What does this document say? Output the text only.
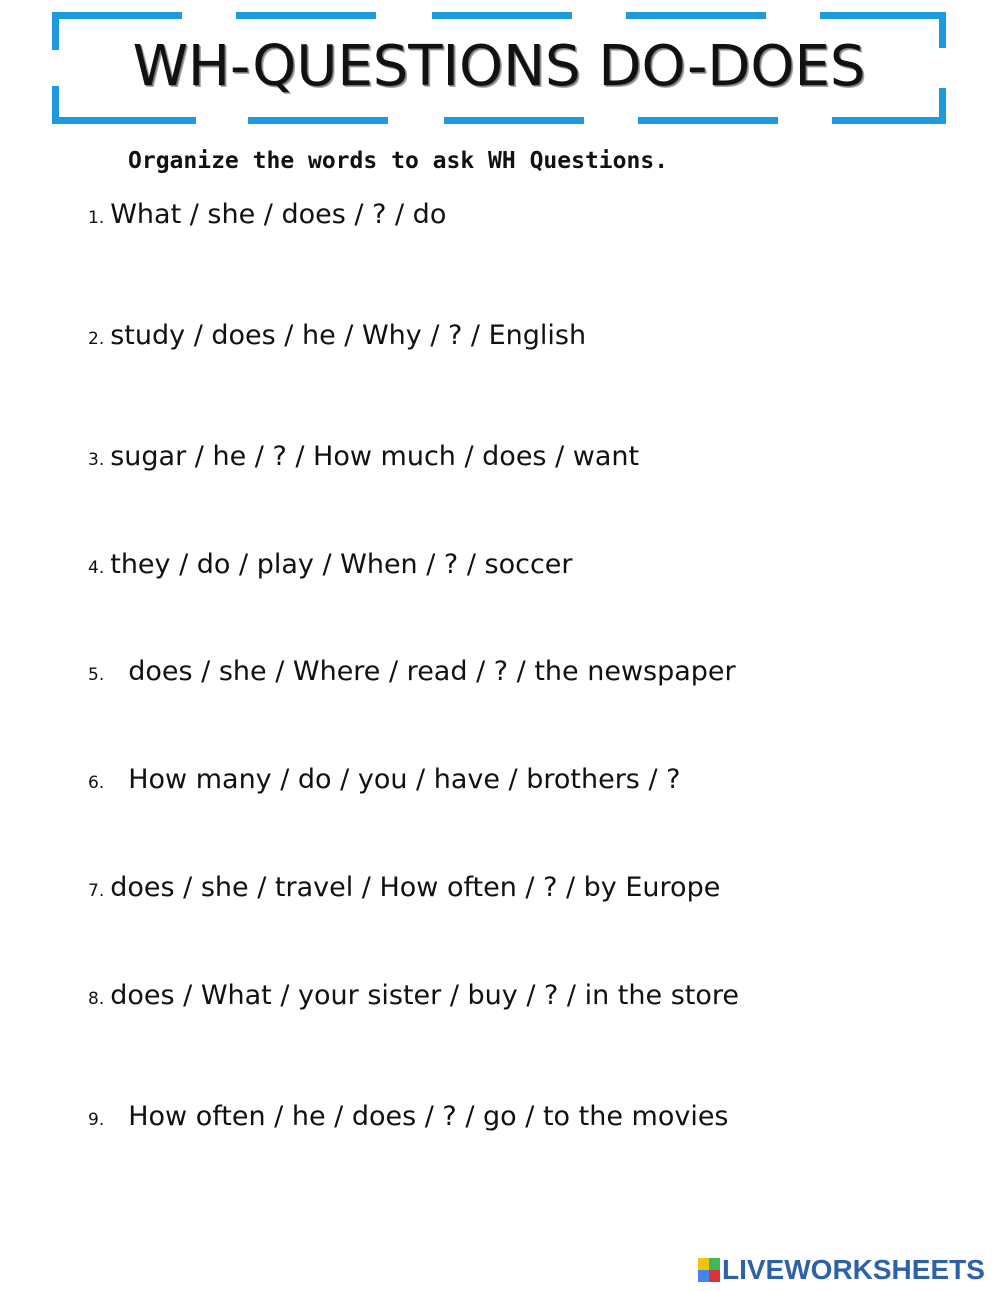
WH-QUESTIONS DO-DOES
Organize the words to ask WH Questions.
1. What / she / does / ? / do
2. study / does / he / Why / ? / English
3. sugar / he / ? / How much / does / want
4. they / do / play / When / ? / soccer
5. does / she / Where / read / ? / the newspaper
6. How many / do / you / have / brothers / ?
7. does / she / travel / How often / ? / by Europe
8. does / What / your sister / buy / ? / in the store
9. How often / he / does / ? / go / to the movies
LIVEWORKSHEETS
